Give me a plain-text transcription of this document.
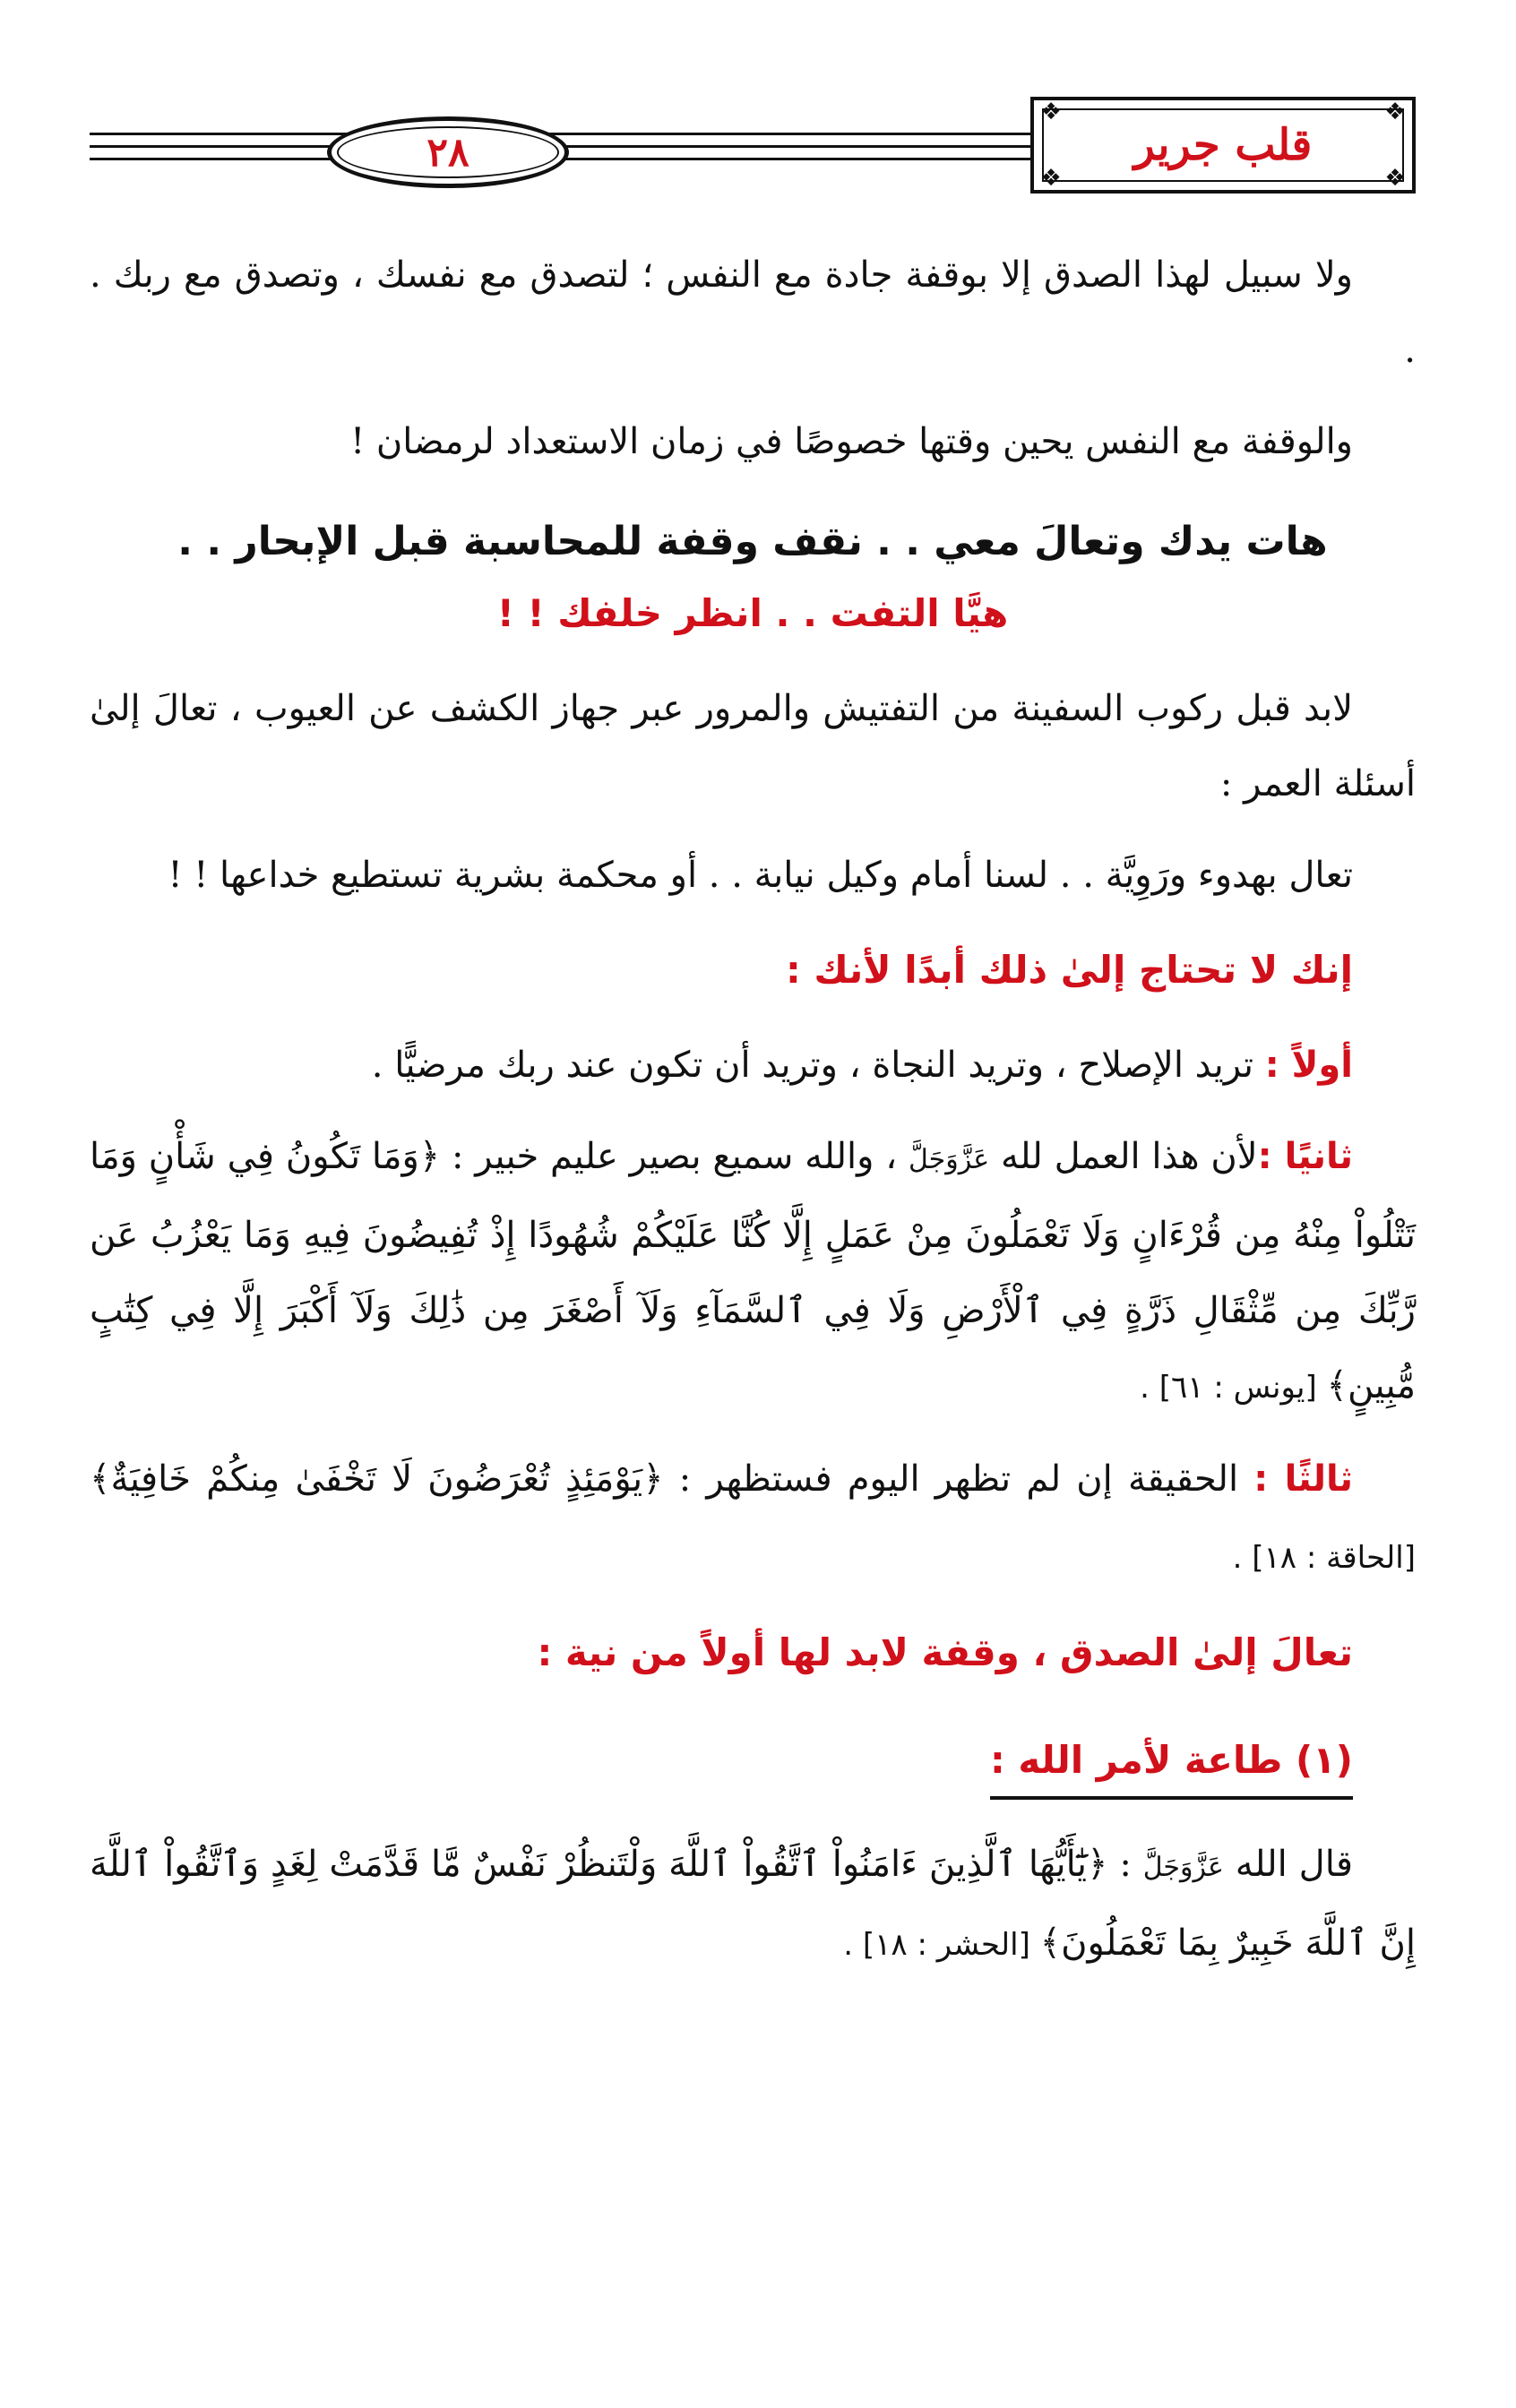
❖	❖
❖	❖
قلب جرير
٢٨

ولا سبيل لهذا الصدق إلا بوقفة جادة مع النفس ؛ لتصدق مع نفسك ، وتصدق مع ربك . .

والوقفة مع النفس يحين وقتها خصوصًا في زمان الاستعداد لرمضان !

هات يدك وتعالَ معي . . نقف وقفة للمحاسبة قبل الإبحار . .
هيَّا التفت . . انظر خلفك ! !

لابد قبل ركوب السفينة من التفتيش والمرور عبر جهاز الكشف عن العيوب ، تعالَ إلىٰ أسئلة العمر :

تعال بهدوء ورَوِيَّة . . لسنا أمام وكيل نيابة . . أو محكمة بشرية تستطيع خداعها ! !

إنك لا تحتاج إلىٰ ذلك أبدًا لأنك :

أولاً : تريد الإصلاح ، وتريد النجاة ، وتريد أن تكون عند ربك مرضيًّا .

ثانيًا :لأن هذا العمل لله عَزَّوَجَلَّ ، والله سميع بصير عليم خبير : ﴿وَمَا تَكُونُ فِي شَأْنٍ وَمَا تَتْلُواْ مِنْهُ مِن قُرْءَانٍ وَلَا تَعْمَلُونَ مِنْ عَمَلٍ إِلَّا كُنَّا عَلَيْكُمْ شُهُودًا إِذْ تُفِيضُونَ فِيهِ وَمَا يَعْزُبُ عَن رَّبِّكَ مِن مِّثْقَالِ ذَرَّةٍ فِي ٱلْأَرْضِ وَلَا فِي ٱلسَّمَآءِ وَلَآ أَصْغَرَ مِن ذَٰلِكَ وَلَآ أَكْبَرَ إِلَّا فِي كِتَٰبٍ مُّبِينٍ﴾ [يونس : ٦١] .

ثالثًا : الحقيقة إن لم تظهر اليوم فستظهر : ﴿يَوْمَئِذٍ تُعْرَضُونَ لَا تَخْفَىٰ مِنكُمْ خَافِيَةٌ﴾ [الحاقة : ١٨] .

تعالَ إلىٰ الصدق ، وقفة لابد لها أولاً من نية :
(١) طاعة لأمر الله :

قال الله عَزَّوَجَلَّ : ﴿يَٰٓأَيُّهَا ٱلَّذِينَ ءَامَنُواْ ٱتَّقُواْ ٱللَّهَ وَلْتَنظُرْ نَفْسٌ مَّا قَدَّمَتْ لِغَدٍ وَٱتَّقُواْ ٱللَّهَ إِنَّ ٱللَّهَ خَبِيرٌ بِمَا تَعْمَلُونَ﴾ [الحشر : ١٨] .
